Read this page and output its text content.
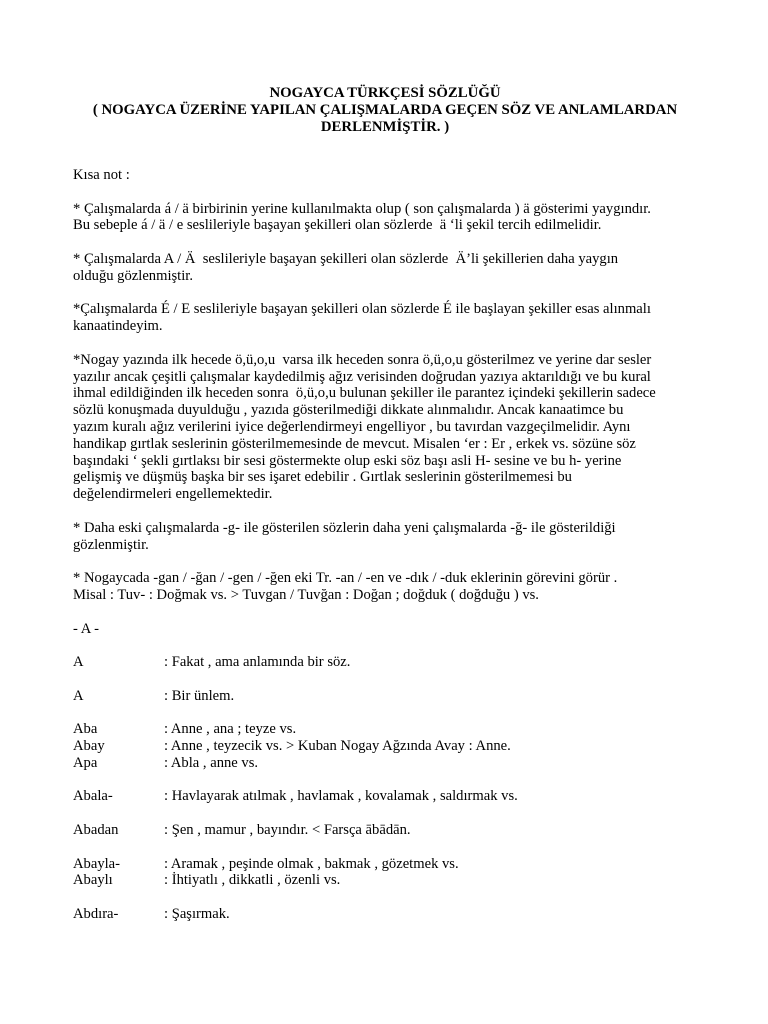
NOGAYCA TÜRKÇESİ SÖZLÜĞÜ
( NOGAYCA ÜZERİNE YAPILAN ÇALIŞMALARDA GEÇEN SÖZ VE ANLAMLARDAN
DERLENMİŞTİR. )

Kısa not :

* Çalışmalarda á / ä birbirinin yerine kullanılmakta olup ( son çalışmalarda ) ä gösterimi yaygındır.

Bu sebeple á / ä / e seslileriyle başayan şekilleri olan sözlerde  ä ‘li şekil tercih edilmelidir.

* Çalışmalarda A / Ä  seslileriyle başayan şekilleri olan sözlerde  Ä’li şekillerien daha yaygın

olduğu gözlenmiştir.

*Çalışmalarda É / E seslileriyle başayan şekilleri olan sözlerde É ile başlayan şekiller esas alınmalı

kanaatindeyim.

*Nogay yazında ilk hecede ö,ü,o,u  varsa ilk heceden sonra ö,ü,o,u gösterilmez ve yerine dar sesler

yazılır ancak çeşitli çalışmalar kaydedilmiş ağız verisinden doğrudan yazıya aktarıldığı ve bu kural

ihmal edildiğinden ilk heceden sonra  ö,ü,o,u bulunan şekiller ile parantez içindeki şekillerin sadece

sözlü konuşmada duyulduğu , yazıda gösterilmediği dikkate alınmalıdır. Ancak kanaatimce bu

yazım kuralı ağız verilerini iyice değerlendirmeyi engelliyor , bu tavırdan vazgeçilmelidir. Aynı

handikap gırtlak seslerinin gösterilmemesinde de mevcut. Misalen ‘er : Er , erkek vs. sözüne söz

başındaki ‘ şekli gırtlaksı bir sesi göstermekte olup eski söz başı asli H- sesine ve bu h- yerine

gelişmiş ve düşmüş başka bir ses işaret edebilir . Gırtlak seslerinin gösterilmemesi bu

değelendirmeleri engellemektedir.

* Daha eski çalışmalarda -g- ile gösterilen sözlerin daha yeni çalışmalarda -ğ- ile gösterildiği

gözlenmiştir.

* Nogaycada -gan / -ğan / -gen / -ğen eki Tr. -an / -en ve -dık / -duk eklerinin görevini görür .

Misal : Tuv- : Doğmak vs. > Tuvgan / Tuvğan : Doğan ; doğduk ( doğduğu ) vs.

- A -

A	: Fakat , ama anlamında bir söz.
A	: Bir ünlem.
Aba	: Anne , ana ; teyze vs.
Abay	: Anne , teyzecik vs. > Kuban Nogay Ağzında Avay : Anne.
Apa	: Abla , anne vs.
Abala-	: Havlayarak atılmak , havlamak , kovalamak , saldırmak vs.
Abadan	: Şen , mamur , bayındır. < Farsça ābādān.
Abayla-	: Aramak , peşinde olmak , bakmak , gözetmek vs.
Abaylı	: İhtiyatlı , dikkatli , özenli vs.
Abdıra-	: Şaşırmak.
